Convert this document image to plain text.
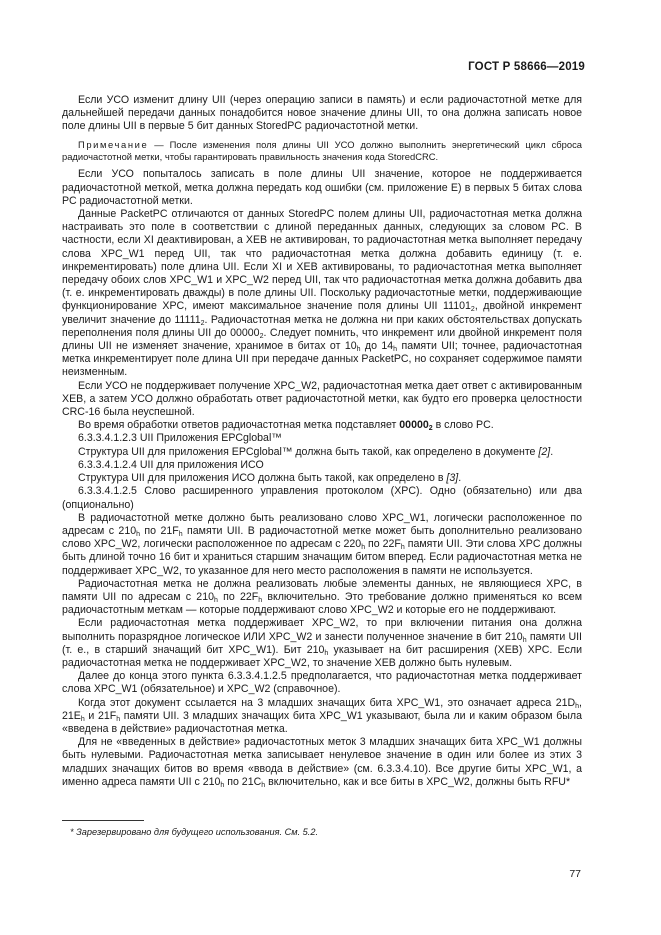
ГОСТ Р 58666—2019

Если УСО изменит длину UII (через операцию записи в память) и если радиочастотной метке для дальнейшей передачи данных понадобится новое значение длины UII, то она должна записать новое поле длины UII в первые 5 бит данных StoredPC радиочастотной метки.

Примечание — После изменения поля длины UII УСО должно выполнить энергетический цикл сброса радиочастотной метки, чтобы гарантировать правильность значения кода StoredCRC.

Если УСО попыталось записать в поле длины UII значение, которое не поддерживается радиочастотной меткой, метка должна передать код ошибки (см. приложение Е) в первых 5 битах слова РС радиочастотной метки.

Данные PacketPC отличаются от данных StoredPC полем длины UII, радиочастотная метка должна настраивать это поле в соответствии с длиной переданных данных, следующих за словом РС. В частности, если XI деактивирован, а ХЕВ не активирован, то радиочастотная метка выполняет передачу слова XPC_W1 перед UII, так что радиочастотная метка должна добавить единицу (т. е. инкрементировать) поле длина UII. Если XI и ХЕВ активированы, то радиочастотная метка выполняет передачу обоих слов XPC_W1 и XPC_W2 перед UII, так что радиочастотная метка должна добавить два (т. е. инкрементировать дважды) в поле длины UII. Поскольку радиочастотные метки, поддерживающие функционирование XPC, имеют максимальное значение поля длины UII $11101_2$, двойной инкремент увеличит значение до $11111_2$. Радиочастотная метка не должна ни при каких обстоятельствах допускать переполнения поля длины UII до $00000_2$. Следует помнить, что инкремент или двойной инкремент поля длины UII не изменяет значение, хранимое в битах от $10_h$ до $14_h$ памяти UII; точнее, радиочастотная метка инкрементирует поле длина UII при передаче данных PacketPC, но сохраняет содержимое памяти неизменным.

Если УСО не поддерживает получение XPC_W2, радиочастотная метка дает ответ с активированным ХЕВ, а затем УСО должно обработать ответ радиочастотной метки, как будто его проверка целостности CRC-16 была неуспешной.

Во время обработки ответов радиочастотная метка подставляет $00000_2$ в слово PC.

6.3.3.4.1.2.3 UII Приложения EPCglobal™

Структура UII для приложения EPCglobal™ должна быть такой, как определено в документе [2].

6.3.3.4.1.2.4 UII для приложения ИСО

Структура UII для приложения ИСО должна быть такой, как определено в [3].

6.3.3.4.1.2.5 Слово расширенного управления протоколом (XPC). Одно (обязательно) или два (опционально)

В радиочастотной метке должно быть реализовано слово XPC_W1, логически расположенное по адресам с $210_h$ по $21F_h$ памяти UII. В радиочастотной метке может быть дополнительно реализовано слово XPC_W2, логически расположенное по адресам с $220_h$ по $22F_h$ памяти UII. Эти слова XPC должны быть длиной точно 16 бит и храниться старшим значащим битом вперед. Если радиочастотная метка не поддерживает XPC_W2, то указанное для него место расположения в памяти не используется.

Радиочастотная метка не должна реализовать любые элементы данных, не являющиеся XPC, в памяти UII по адресам с $210_h$ по $22F_h$ включительно. Это требование должно применяться ко всем радиочастотным меткам — которые поддерживают слово XPC_W2 и которые его не поддерживают.

Если радиочастотная метка поддерживает XPC_W2, то при включении питания она должна выполнить поразрядное логическое ИЛИ XPC_W2 и занести полученное значение в бит $210_h$ памяти UII (т. е., в старший значащий бит XPC_W1). Бит $210_h$ указывает на бит расширения (ХЕВ) XPC. Если радиочастотная метка не поддерживает XPC_W2, то значение ХЕВ должно быть нулевым.

Далее до конца этого пункта 6.3.3.4.1.2.5 предполагается, что радиочастотная метка поддерживает слова XPC_W1 (обязательное) и XPC_W2 (справочное).

Когда этот документ ссылается на 3 младших значащих бита XPC_W1, это означает адреса $21D_h$, $21E_h$ и $21F_h$ памяти UII. 3 младших значащих бита XPC_W1 указывают, была ли и каким образом была «введена в действие» радиочастотная метка.

Для не «введенных в действие» радиочастотных меток 3 младших значащих бита XPC_W1 должны быть нулевыми. Радиочастотная метка записывает ненулевое значение в один или более из этих 3 младших значащих битов во время «ввода в действие» (см. 6.3.3.4.10). Все другие биты XPC_W1, а именно адреса памяти UII с $210_h$ по $21C_h$ включительно, как и все биты в XPC_W2, должны быть RFU*

* Зарезервировано для будущего использования. См. 5.2.
77
